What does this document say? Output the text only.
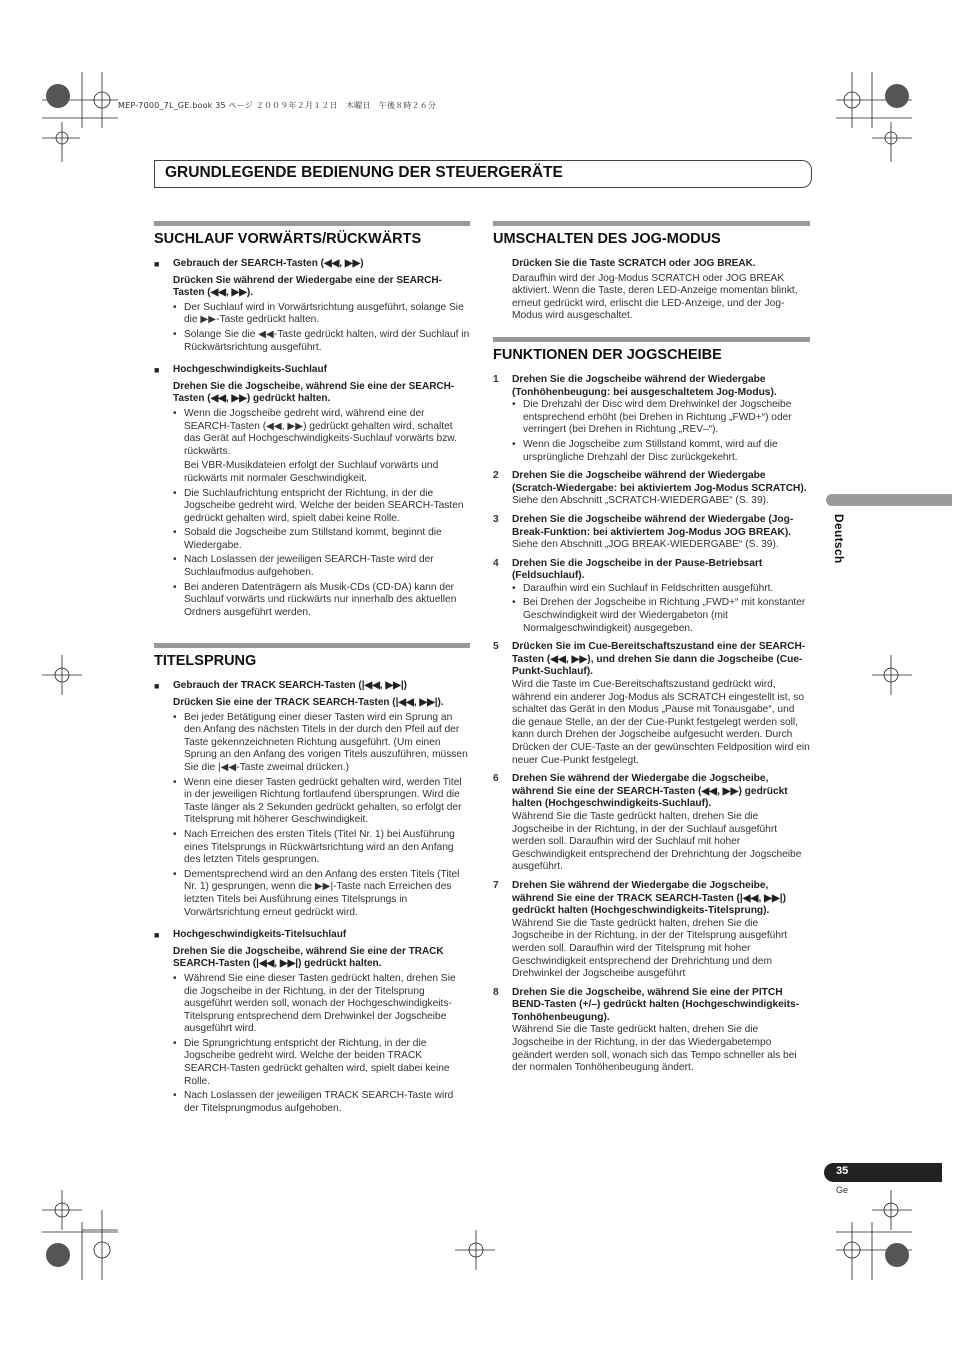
MEP-7000_7L_GE.book 35 ページ ２００９年２月１２日　木曜日　午後８時２６分
GRUNDLEGENDE BEDIENUNG DER STEUERGERÄTE
SUCHLAUF VORWÄRTS/RÜCKWÄRTS
■ Gebrauch der SEARCH-Tasten (◀◀, ▶▶)
Drücken Sie während der Wiedergabe eine der SEARCH-Tasten (◀◀, ▶▶).
• Der Suchlauf wird in Vorwärtsrichtung ausgeführt, solange Sie die ▶▶-Taste gedrückt halten.
• Solange Sie die ◀◀-Taste gedrückt halten, wird der Suchlauf in Rückwärtsrichtung ausgeführt.
■ Hochgeschwindigkeits-Suchlauf
Drehen Sie die Jogscheibe, während Sie eine der SEARCH-Tasten (◀◀, ▶▶) gedrückt halten.
• Wenn die Jogscheibe gedreht wird, während eine der SEARCH-Tasten (◀◀, ▶▶) gedrückt gehalten wird, schaltet das Gerät auf Hochgeschwindigkeits-Suchlauf vorwärts bzw. rückwärts.
Bei VBR-Musikdateien erfolgt der Suchlauf vorwärts und rückwärts mit normaler Geschwindigkeit.
• Die Suchlaufrichtung entspricht der Richtung, in der die Jogscheibe gedreht wird. Welche der beiden SEARCH-Tasten gedrückt gehalten wird, spielt dabei keine Rolle.
• Sobald die Jogscheibe zum Stillstand kommt, beginnt die Wiedergabe.
• Nach Loslassen der jeweiligen SEARCH-Taste wird der Suchlaufmodus aufgehoben.
• Bei anderen Datenträgern als Musik-CDs (CD-DA) kann der Suchlauf vorwärts und rückwärts nur innerhalb des aktuellen Ordners ausgeführt werden.
TITELSPRUNG
■ Gebrauch der TRACK SEARCH-Tasten (|◀◀, ▶▶|)
Drücken Sie eine der TRACK SEARCH-Tasten (|◀◀, ▶▶|).
• Bei jeder Betätigung einer dieser Tasten wird ein Sprung an den Anfang des nächsten Titels in der durch den Pfeil auf der Taste gekennzeichneten Richtung ausgeführt. (Um einen Sprung an den Anfang des vorigen Titels auszuführen, müssen Sie die |◀◀-Taste zweimal drücken.)
• Wenn eine dieser Tasten gedrückt gehalten wird, werden Titel in der jeweiligen Richtung fortlaufend übersprungen. Wird die Taste länger als 2 Sekunden gedrückt gehalten, so erfolgt der Titelsprung mit höherer Geschwindigkeit.
• Nach Erreichen des ersten Titels (Titel Nr. 1) bei Ausführung eines Titelsprungs in Rückwärtsrichtung wird an den Anfang des letzten Titels gesprungen.
• Dementsprechend wird an den Anfang des ersten Titels (Titel Nr. 1) gesprungen, wenn die ▶▶|-Taste nach Erreichen des letzten Titels bei Ausführung eines Titelsprungs in Vorwärtsrichtung erneut gedrückt wird.
■ Hochgeschwindigkeits-Titelsuchlauf
Drehen Sie die Jogscheibe, während Sie eine der TRACK SEARCH-Tasten (|◀◀, ▶▶|) gedrückt halten.
• Während Sie eine dieser Tasten gedrückt halten, drehen Sie die Jogscheibe in der Richtung, in der der Titelsprung ausgeführt werden soll, wonach der Hochgeschwindigkeits-Titelsprung entsprechend dem Drehwinkel der Jogscheibe ausgeführt wird.
• Die Sprungrichtung entspricht der Richtung, in der die Jogscheibe gedreht wird. Welche der beiden TRACK SEARCH-Tasten gedrückt gehalten wird, spielt dabei keine Rolle.
• Nach Loslassen der jeweiligen TRACK SEARCH-Taste wird der Titelsprungmodus aufgehoben.
UMSCHALTEN DES JOG-MODUS
Drücken Sie die Taste SCRATCH oder JOG BREAK.
Daraufhin wird der Jog-Modus SCRATCH oder JOG BREAK aktiviert. Wenn die Taste, deren LED-Anzeige momentan blinkt, erneut gedrückt wird, erlischt die LED-Anzeige, und der Jog-Modus wird ausgeschaltet.
FUNKTIONEN DER JOGSCHEIBE
1 Drehen Sie die Jogscheibe während der Wiedergabe (Tonhöhenbeugung: bei ausgeschaltetem Jog-Modus).
• Die Drehzahl der Disc wird dem Drehwinkel der Jogscheibe entsprechend erhöht (bei Drehen in Richtung „FWD+“) oder verringert (bei Drehen in Richtung „REV–“).
• Wenn die Jogscheibe zum Stillstand kommt, wird auf die ursprüngliche Drehzahl der Disc zurückgekehrt.
2 Drehen Sie die Jogscheibe während der Wiedergabe (Scratch-Wiedergabe: bei aktiviertem Jog-Modus SCRATCH).
Siehe den Abschnitt „SCRATCH-WIEDERGABE“ (S. 39).
3 Drehen Sie die Jogscheibe während der Wiedergabe (Jog-Break-Funktion: bei aktiviertem Jog-Modus JOG BREAK).
Siehe den Abschnitt „JOG BREAK-WIEDERGABE“ (S. 39).
4 Drehen Sie die Jogscheibe in der Pause-Betriebsart (Feldsuchlauf).
• Daraufhin wird ein Suchlauf in Feldschritten ausgeführt.
• Bei Drehen der Jogscheibe in Richtung „FWD+“ mit konstanter Geschwindigkeit wird der Wiedergabeton (mit Normalgeschwindigkeit) ausgegeben.
5 Drücken Sie im Cue-Bereitschaftszustand eine der SEARCH-Tasten (◀◀, ▶▶), und drehen Sie dann die Jogscheibe (Cue-Punkt-Suchlauf).
Wird die Taste im Cue-Bereitschaftszustand gedrückt wird, während ein anderer Jog-Modus als SCRATCH eingestellt ist, so schaltet das Gerät in den Modus „Pause mit Tonausgabe“, und die genaue Stelle, an der der Cue-Punkt festgelegt werden soll, kann durch Drehen der Jogscheibe aufgesucht werden. Durch Drücken der CUE-Taste an der gewünschten Feldposition wird ein neuer Cue-Punkt festgelegt.
6 Drehen Sie während der Wiedergabe die Jogscheibe, während Sie eine der SEARCH-Tasten (◀◀, ▶▶) gedrückt halten (Hochgeschwindigkeits-Suchlauf).
Während Sie die Taste gedrückt halten, drehen Sie die Jogscheibe in der Richtung, in der der Suchlauf ausgeführt werden soll. Daraufhin wird der Suchlauf mit hoher Geschwindigkeit entsprechend der Drehrichtung der Jogscheibe ausgeführt.
7 Drehen Sie während der Wiedergabe die Jogscheibe, während Sie eine der TRACK SEARCH-Tasten (|◀◀, ▶▶|) gedrückt halten (Hochgeschwindigkeits-Titelsprung).
Während Sie die Taste gedrückt halten, drehen Sie die Jogscheibe in der Richtung, in der der Titelsprung ausgeführt werden soll. Daraufhin wird der Titelsprung mit hoher Geschwindigkeit entsprechend der Drehrichtung und dem Drehwinkel der Jogscheibe ausgeführt
8 Drehen Sie die Jogscheibe, während Sie eine der PITCH BEND-Tasten (+/–) gedrückt halten (Hochgeschwindigkeits-Tonhöhenbeugung).
Während Sie die Taste gedrückt halten, drehen Sie die Jogscheibe in der Richtung, in der das Wiedergabetempo geändert werden soll, wonach sich das Tempo schneller als bei der normalen Tonhöhenbeugung ändert.
Deutsch
35
Ge
